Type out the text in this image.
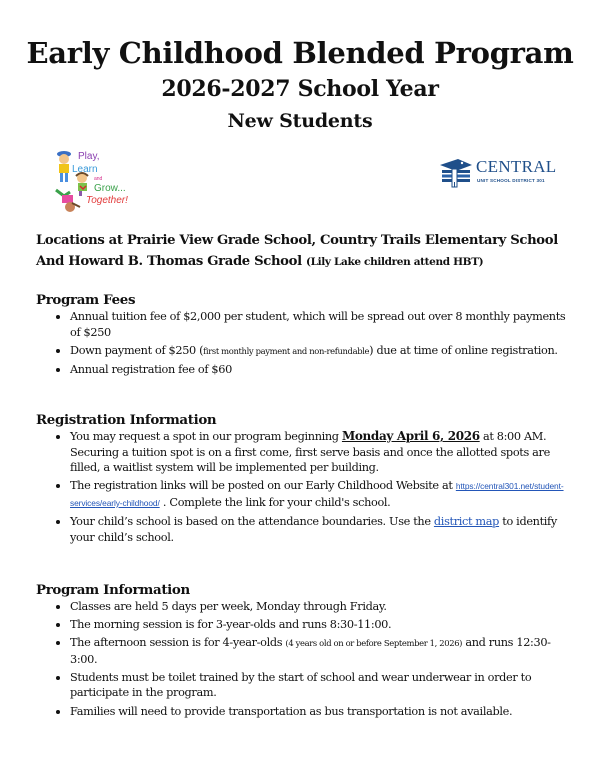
Early Childhood Blended Program
2026-2027 School Year
New Students
Play,
Learn
and
Grow...
Together!
CENTRAL
UNIT SCHOOL DISTRICT 301
Locations at Prairie View Grade School, Country Trails Elementary School And Howard B. Thomas Grade School (Lily Lake children attend HBT)
Program Fees
Annual tuition fee of $2,000 per student, which will be spread out over 8 monthly payments of $250
Down payment of $250 (first monthly payment and non-refundable) due at time of online registration.
Annual registration fee of $60
Registration Information
You may request a spot in our program beginning Monday April 6, 2026 at 8:00 AM. Securing a tuition spot is on a first come, first serve basis and once the allotted spots are filled, a waitlist system will be implemented per building.
The registration links will be posted on our Early Childhood Website at https://central301.net/student-services/early-childhood/ . Complete the link for your child's school.
Your child’s school is based on the attendance boundaries. Use the district map to identify your child’s school.
Program Information
Classes are held 5 days per week, Monday through Friday.
The morning session is for 3-year-olds and runs 8:30-11:00.
The afternoon session is for 4-year-olds (4 years old on or before September 1, 2026) and runs 12:30-3:00.
Students must be toilet trained by the start of school and wear underwear in order to participate in the program.
Families will need to provide transportation as bus transportation is not available.
